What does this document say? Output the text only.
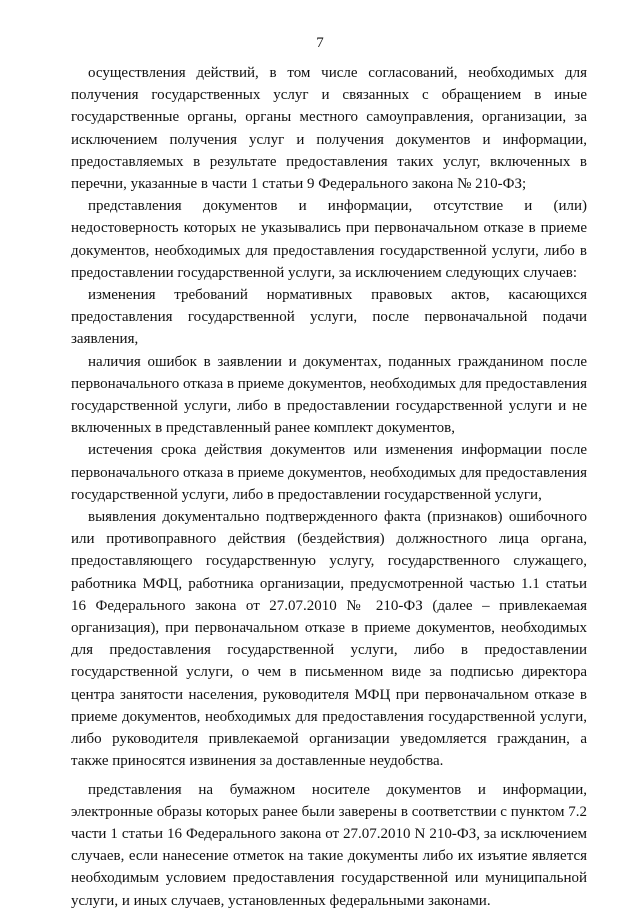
7

осуществления действий, в том числе согласований, необходимых для получения государственных услуг и связанных с обращением в иные государственные органы, органы местного самоуправления, организации, за исключением получения услуг и получения документов и информации, предоставляемых в результате предоставления таких услуг, включенных в перечни, указанные в части 1 статьи 9 Федерального закона № 210-ФЗ;

представления документов и информации, отсутствие и (или) недостоверность которых не указывались при первоначальном отказе в приеме документов, необходимых для предоставления государственной услуги, либо в предоставлении государственной услуги, за исключением следующих случаев:

изменения требований нормативных правовых актов, касающихся предоставления государственной услуги, после первоначальной подачи заявления,

наличия ошибок в заявлении и документах, поданных гражданином после первоначального отказа в приеме документов, необходимых для предоставления государственной услуги, либо в предоставлении государственной услуги и не включенных в представленный ранее комплект документов,

истечения срока действия документов или изменения информации после первоначального отказа в приеме документов, необходимых для предоставления государственной услуги, либо в предоставлении государственной услуги,

выявления документально подтвержденного факта (признаков) ошибочного или противоправного действия (бездействия) должностного лица органа, предоставляющего государственную услугу, государственного служащего, работника МФЦ, работника организации, предусмотренной частью 1.1 статьи 16 Федерального закона от 27.07.2010 № 210-ФЗ (далее – привлекаемая организация), при первоначальном отказе в приеме документов, необходимых для предоставления государственной услуги, либо в предоставлении государственной услуги, о чем в письменном виде за подписью директора центра занятости населения, руководителя МФЦ при первоначальном отказе в приеме документов, необходимых для предоставления государственной услуги, либо руководителя привлекаемой организации уведомляется гражданин, а также приносятся извинения за доставленные неудобства.

представления на бумажном носителе документов и информации, электронные образы которых ранее были заверены в соответствии с пунктом 7.2 части 1 статьи 16 Федерального закона от 27.07.2010 N 210-ФЗ, за исключением случаев, если нанесение отметок на такие документы либо их изъятие является необходимым условием предоставления государственной или муниципальной услуги, и иных случаев, установленных федеральными законами.
